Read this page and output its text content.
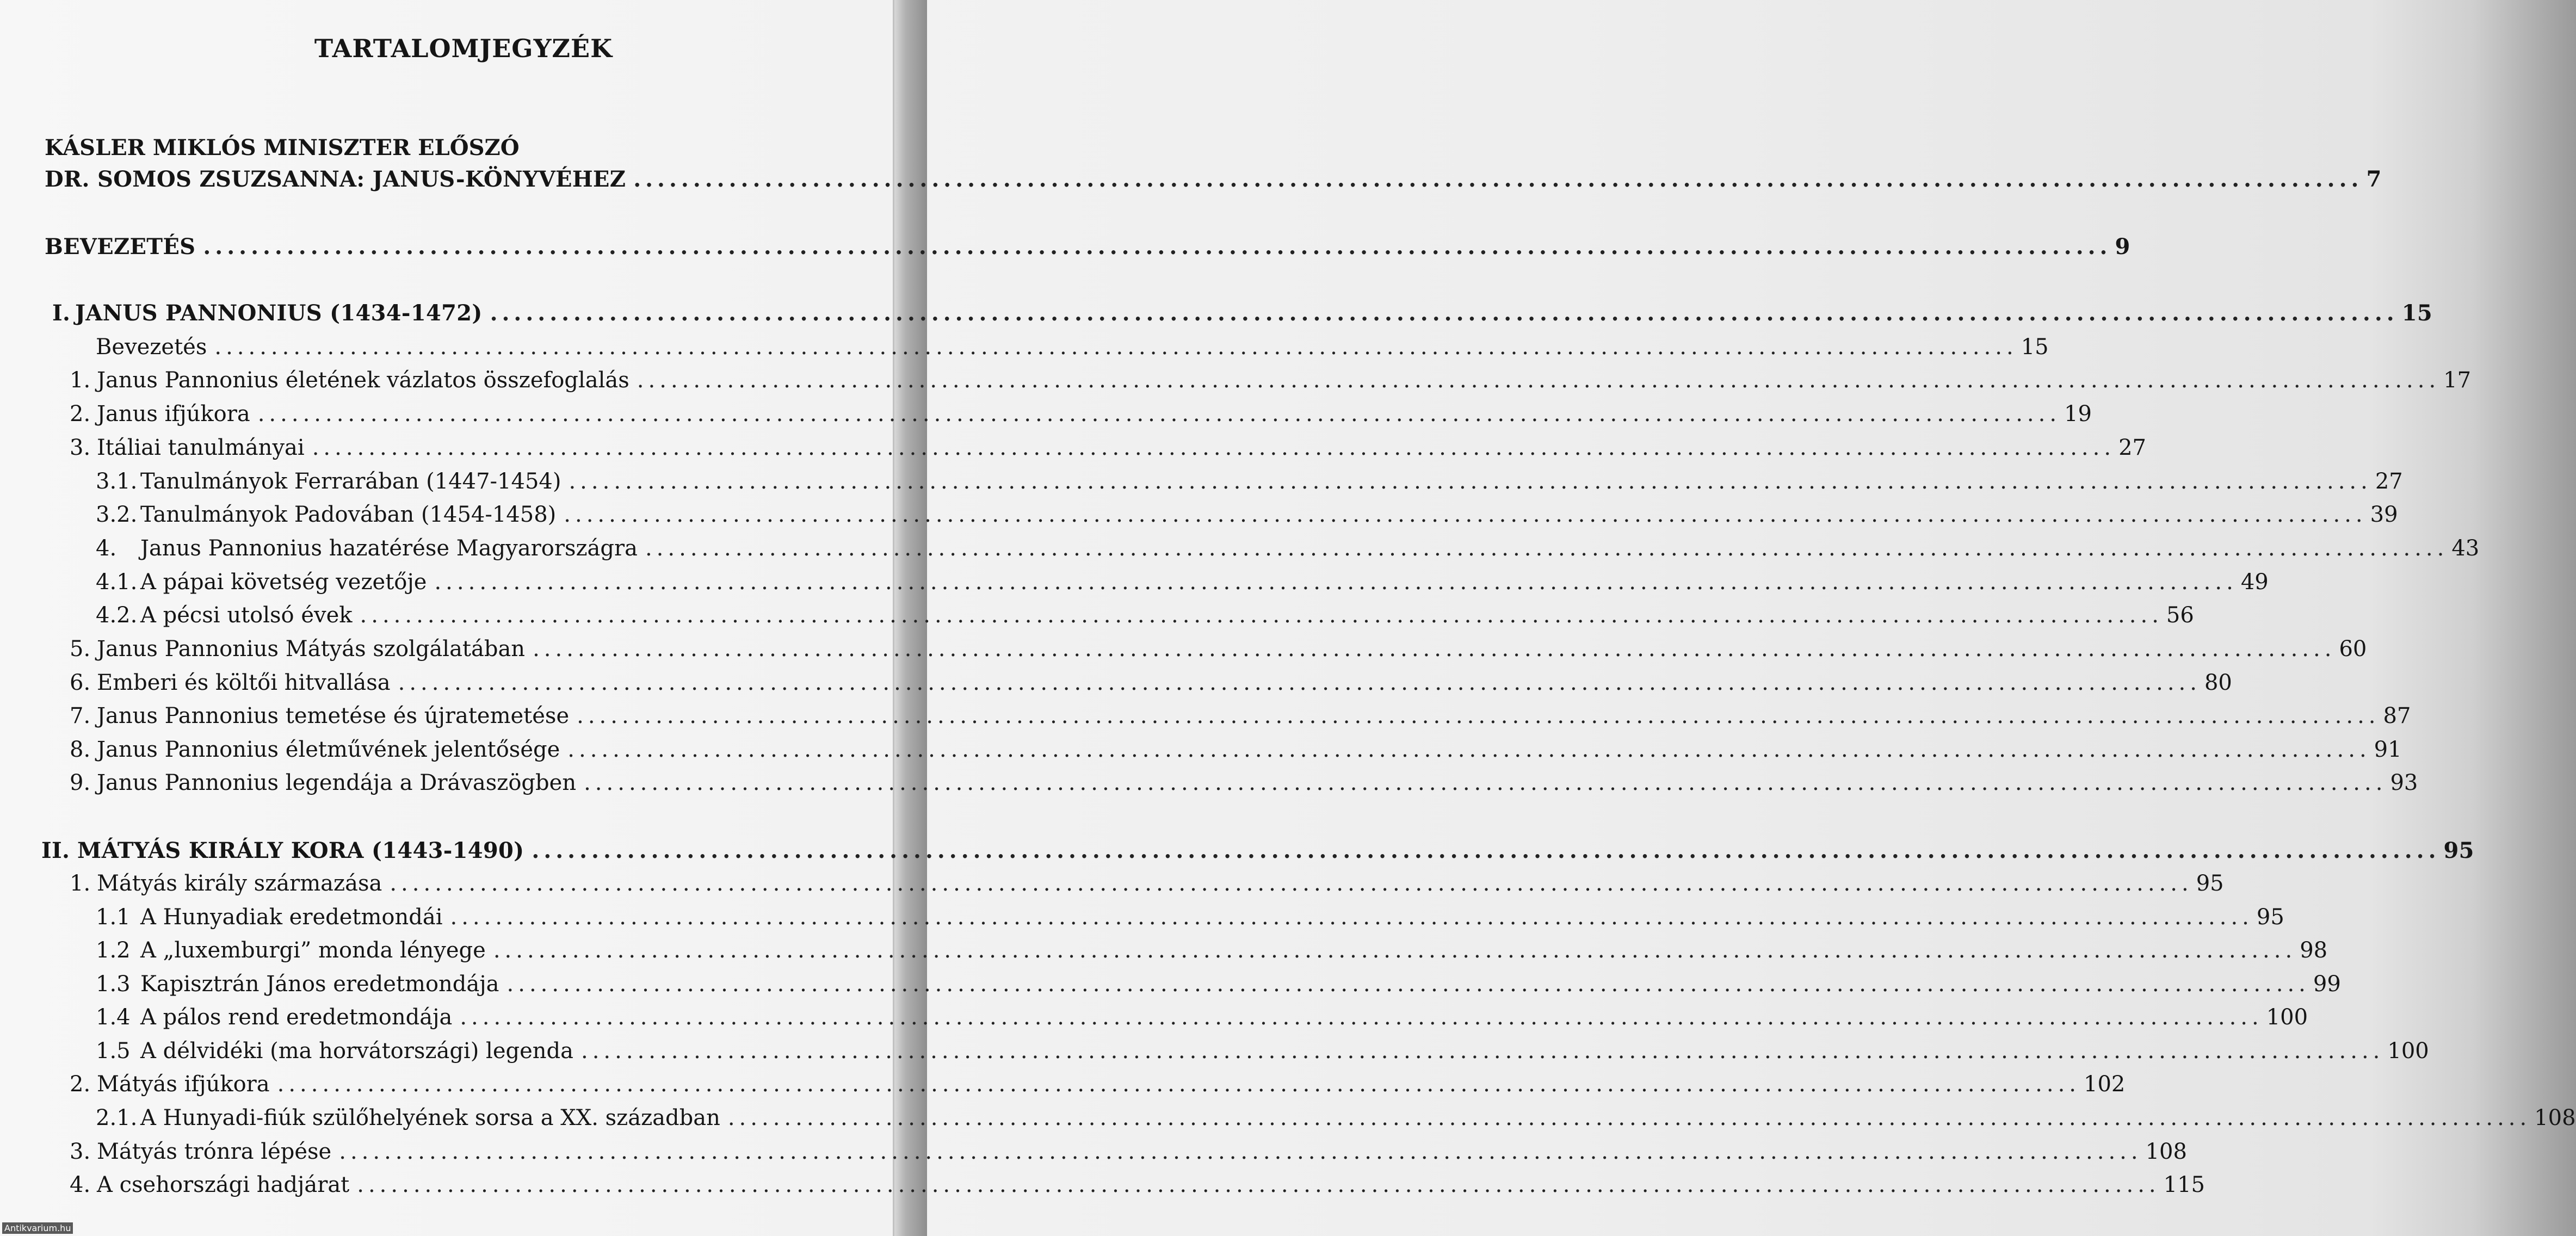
TARTALOMJEGYZÉK
KÁSLER MIKLÓS MINISZTER ELŐSZÓ
DR. SOMOS ZSUZSANNA: JANUS-KÖNYVÉHEZ ................................................................................................................................................. 7
BEVEZETÉS ................................................................................................................................................................ 9
I. JANUS PANNONIUS (1434-1472) ................................................................................................................................................................ 15
Bevezetés ................................................................................................................................................................ 15
1. Janus Pannonius életének vázlatos összefoglalás ................................................................................................................................................................ 17
2. Janus ifjúkora ................................................................................................................................................................ 19
3. Itáliai tanulmányai ................................................................................................................................................................ 27
3.1. Tanulmányok Ferrarában (1447-1454) ................................................................................................................................................................ 27
3.2. Tanulmányok Padovában (1454-1458) ................................................................................................................................................................ 39
4.	Janus Pannonius hazatérése Magyarországra ................................................................................................................................................................ 43
4.1. A pápai követség vezetője ................................................................................................................................................................ 49
4.2. A pécsi utolsó évek ................................................................................................................................................................ 56
5. Janus Pannonius Mátyás szolgálatában ................................................................................................................................................................ 60
6. Emberi és költői hitvallása ................................................................................................................................................................ 80
7. Janus Pannonius temetése és újratemetése ................................................................................................................................................................ 87
8. Janus Pannonius életművének jelentősége ................................................................................................................................................................ 91
9. Janus Pannonius legendája a Drávaszögben ................................................................................................................................................................ 93
II. MÁTYÁS KIRÁLY KORA (1443-1490) ................................................................................................................................................................ 95
1. Mátyás király származása ................................................................................................................................................................ 95
1.1 A Hunyadiak eredetmondái ................................................................................................................................................................ 95
1.2 A „luxemburgi” monda lényege ................................................................................................................................................................ 98
1.3 Kapisztrán János eredetmondája ................................................................................................................................................................ 99
1.4 A pálos rend eredetmondája ................................................................................................................................................................ 100
1.5 A délvidéki (ma horvátországi) legenda ................................................................................................................................................................ 100
2. Mátyás ifjúkora ................................................................................................................................................................ 102
2.1. A Hunyadi-fiúk szülőhelyének sorsa a XX. században ................................................................................................................................................................ 108
3. Mátyás trónra lépése ................................................................................................................................................................ 108
4. A csehországi hadjárat ................................................................................................................................................................ 115
Antikvarium.hu
